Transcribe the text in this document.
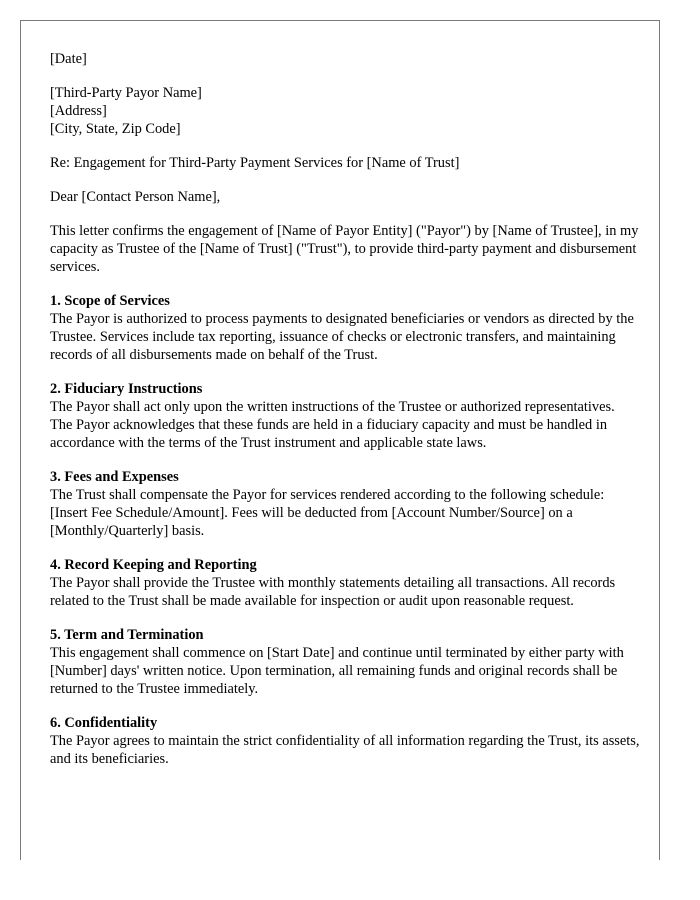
[Date]

[Third-Party Payor Name]
[Address]
[City, State, Zip Code]

Re: Engagement for Third-Party Payment Services for [Name of Trust]

Dear [Contact Person Name],

This letter confirms the engagement of [Name of Payor Entity] ("Payor") by [Name of Trustee], in my capacity as Trustee of the [Name of Trust] ("Trust"), to provide third-party payment and disbursement services.

1. Scope of Services
The Payor is authorized to process payments to designated beneficiaries or vendors as directed by the Trustee. Services include tax reporting, issuance of checks or electronic transfers, and maintaining records of all disbursements made on behalf of the Trust.
2. Fiduciary Instructions
The Payor shall act only upon the written instructions of the Trustee or authorized representatives. The Payor acknowledges that these funds are held in a fiduciary capacity and must be handled in accordance with the terms of the Trust instrument and applicable state laws.
3. Fees and Expenses
The Trust shall compensate the Payor for services rendered according to the following schedule: [Insert Fee Schedule/Amount]. Fees will be deducted from [Account Number/Source] on a [Monthly/Quarterly] basis.
4. Record Keeping and Reporting
The Payor shall provide the Trustee with monthly statements detailing all transactions. All records related to the Trust shall be made available for inspection or audit upon reasonable request.
5. Term and Termination
This engagement shall commence on [Start Date] and continue until terminated by either party with [Number] days' written notice. Upon termination, all remaining funds and original records shall be returned to the Trustee immediately.
6. Confidentiality
The Payor agrees to maintain the strict confidentiality of all information regarding the Trust, its assets, and its beneficiaries.
